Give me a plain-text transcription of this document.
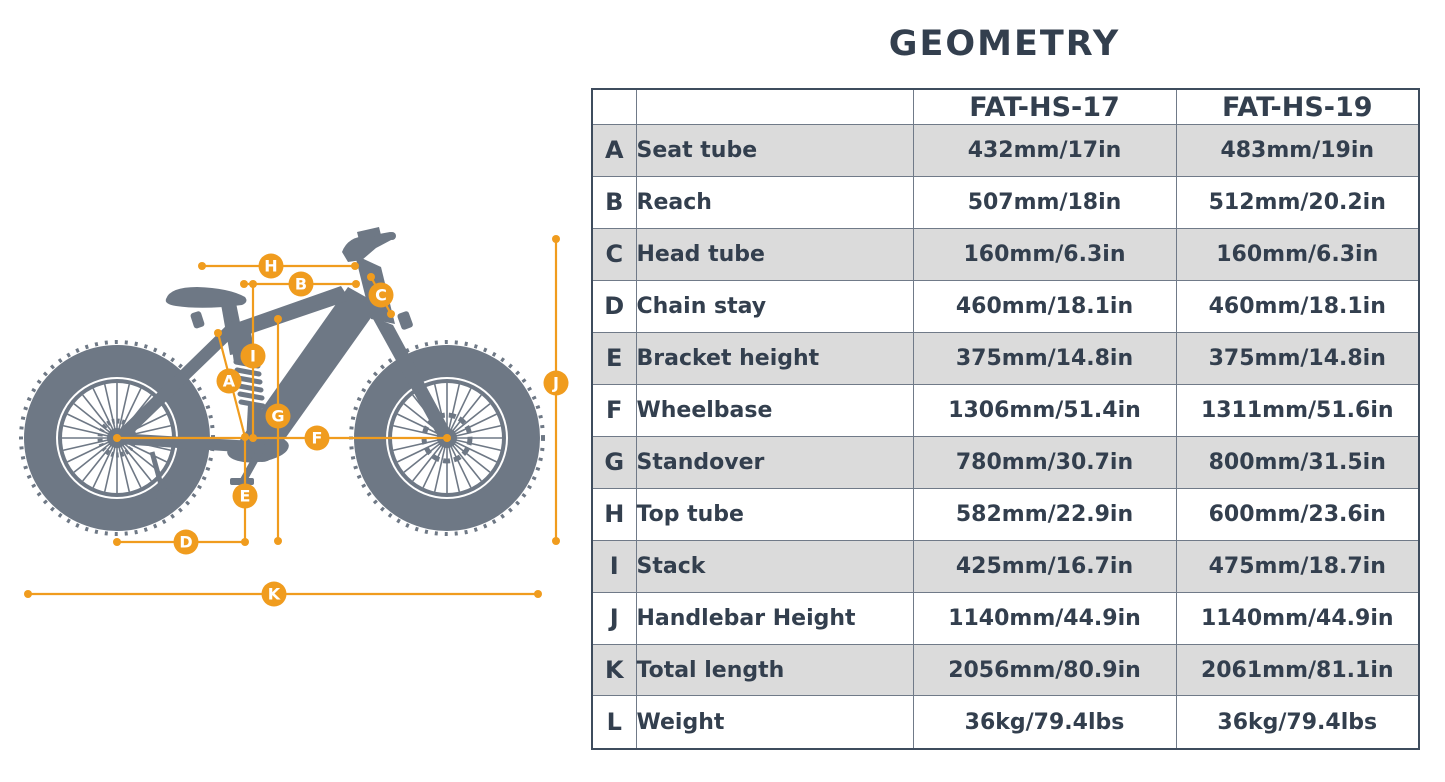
H
B
C
I
A
G
F
E
D
J
K
GEOMETRY
		FAT-HS-17	FAT-HS-19
A	Seat tube	432mm/17in	483mm/19in
B	Reach	507mm/18in	512mm/20.2in
C	Head tube	160mm/6.3in	160mm/6.3in
D	Chain stay	460mm/18.1in	460mm/18.1in
E	Bracket height	375mm/14.8in	375mm/14.8in
F	Wheelbase	1306mm/51.4in	1311mm/51.6in
G	Standover	780mm/30.7in	800mm/31.5in
H	Top tube	582mm/22.9in	600mm/23.6in
I	Stack	425mm/16.7in	475mm/18.7in
J	Handlebar Height	1140mm/44.9in	1140mm/44.9in
K	Total length	2056mm/80.9in	2061mm/81.1in
L	Weight	36kg/79.4lbs	36kg/79.4lbs
